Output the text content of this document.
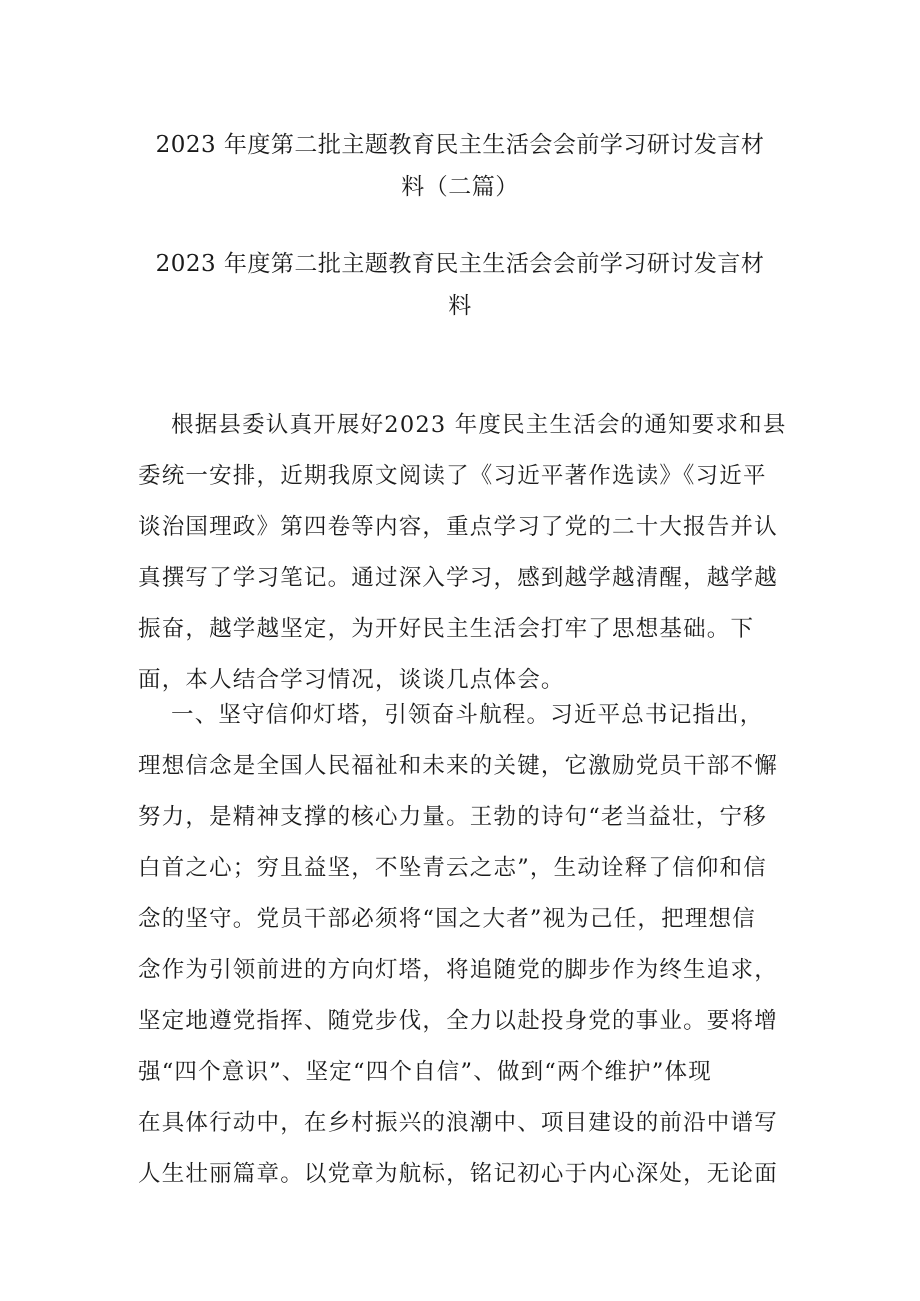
2023 年度第二批主题教育民主生活会会前学习研讨发言材
料（二篇）
2023 年度第二批主题教育民主生活会会前学习研讨发言材
料
根据县委认真开展好2023 年度民主生活会的通知要求和县
委统一安排，近期我原文阅读了《习近平著作选读》《习近平
谈治国理政》第四卷等内容，重点学习了党的二十大报告并认
真撰写了学习笔记。通过深入学习，感到越学越清醒，越学越
振奋，越学越坚定，为开好民主生活会打牢了思想基础。下
面，本人结合学习情况，谈谈几点体会。
一、坚守信仰灯塔，引领奋斗航程。习近平总书记指出，
理想信念是全国人民福祉和未来的关键，它激励党员干部不懈
努力，是精神支撑的核心力量。王勃的诗句“老当益壮，宁移
白首之心；穷且益坚，不坠青云之志”，生动诠释了信仰和信
念的坚守。党员干部必须将“国之大者”视为己任，把理想信
念作为引领前进的方向灯塔，将追随党的脚步作为终生追求，
坚定地遵党指挥、随党步伐，全力以赴投身党的事业。要将增
强“四个意识”、坚定“四个自信”、做到“两个维护”体现
在具体行动中，在乡村振兴的浪潮中、项目建设的前沿中谱写
人生壮丽篇章。以党章为航标，铭记初心于内心深处，无论面
